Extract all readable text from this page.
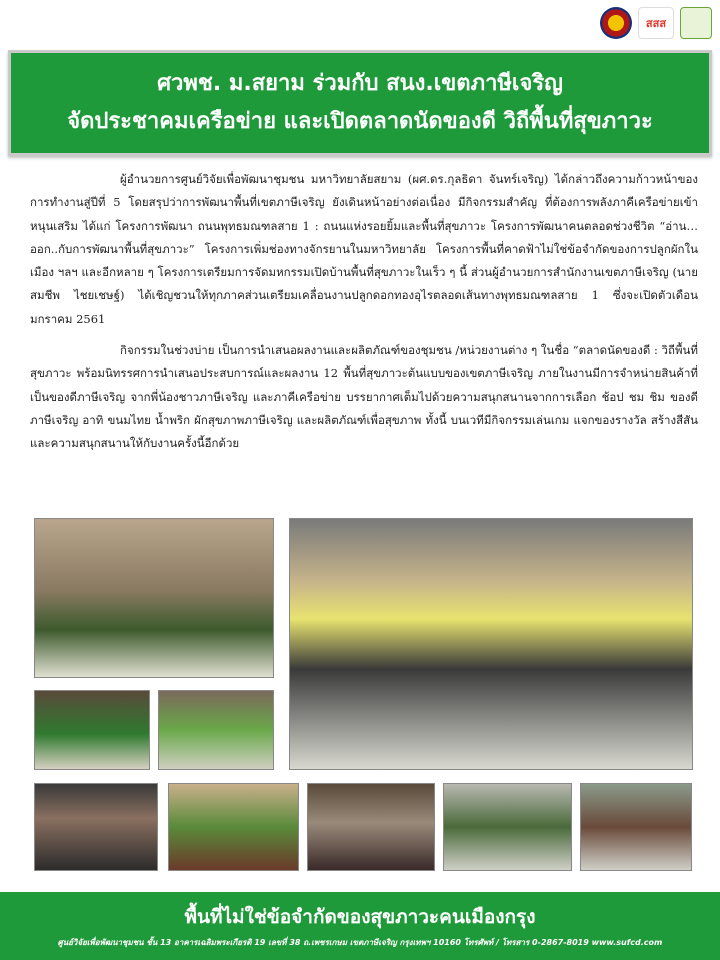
สสส
ศวพช. ม.สยาม ร่วมกับ สนง.เขตภาษีเจริญ
จัดประชาคมเครือข่าย และเปิดตลาดนัดของดี วิถีพื้นที่สุขภาวะ

ผู้อำนวยการศูนย์วิจัยเพื่อพัฒนาชุมชน มหาวิทยาลัยสยาม (ผศ.ดร.กุลธิดา จันทร์เจริญ) ได้กล่าวถึงความก้าวหน้าของการทำงานสู่ปีที่ 5 โดยสรุปว่าการพัฒนาพื้นที่เขตภาษีเจริญ ยังเดินหน้าอย่างต่อเนื่อง มีกิจกรรมสำคัญ ที่ต้องการพลังภาคีเครือข่ายเข้าหนุนเสริม ได้แก่ โครงการพัฒนา ถนนพุทธมณฑลสาย 1 : ถนนแห่งรอยยิ้มและพื้นที่สุขภาวะ โครงการพัฒนาคนตลอดช่วงชีวิต “อ่าน…ออก..กับการพัฒนาพื้นที่สุขภาวะ” โครงการเพิ่มช่องทางจักรยานในมหาวิทยาลัย โครงการพื้นที่คาดฟ้าไม่ใช่ข้อจำกัดของการปลูกผักในเมือง ฯลฯ และอีกหลาย ๆ โครงการเตรียมการจัดมหกรรมเปิดบ้านพื้นที่สุขภาวะในเร็ว ๆ นี้ ส่วนผู้อำนวยการสำนักงานเขตภาษีเจริญ (นายสมชีพ ไชยเชษฐ์) ได้เชิญชวนให้ทุกภาคส่วนเตรียมเคลื่อนงานปลูกดอกทองอุไรตลอดเส้นทางพุทธมณฑลสาย 1 ซึ่งจะเปิดตัวเดือนมกราคม 2561

กิจกรรมในช่วงบ่าย เป็นการนำเสนอผลงานและผลิตภัณฑ์ของชุมชน /หน่วยงานต่าง ๆ ในชื่อ “ตลาดนัดของดี : วิถีพื้นที่สุขภาวะ พร้อมนิทรรศการนำเสนอประสบการณ์และผลงาน 12 พื้นที่สุขภาวะต้นแบบของเขตภาษีเจริญ ภายในงานมีการจำหน่ายสินค้าที่เป็นของดีภาษีเจริญ จากพี่น้องชาวภาษีเจริญ และภาคีเครือข่าย บรรยากาศเต็มไปด้วยความสนุกสนานจากการเลือก ช้อป ชม ชิม ของดีภาษีเจริญ อาทิ ขนมไทย น้ำพริก ผักสุขภาพภาษีเจริญ และผลิตภัณฑ์เพื่อสุขภาพ ทั้งนี้ บนเวทีมีกิจกรรมเล่นเกม แจกของรางวัล สร้างสีสันและความสนุกสนานให้กับงานครั้งนี้อีกด้วย

พื้นที่ไม่ใช่ข้อจำกัดของสุขภาวะคนเมืองกรุง
ศูนย์วิจัยเพื่อพัฒนาชุมชน ชั้น 13 อาคารเฉลิมพระเกียรติ 19 เลขที่ 38 ถ.เพชรเกษม เขตภาษีเจริญ กรุงเทพฯ 10160 โทรศัพท์ / โทรสาร 0-2867-8019 www.sufcd.com
